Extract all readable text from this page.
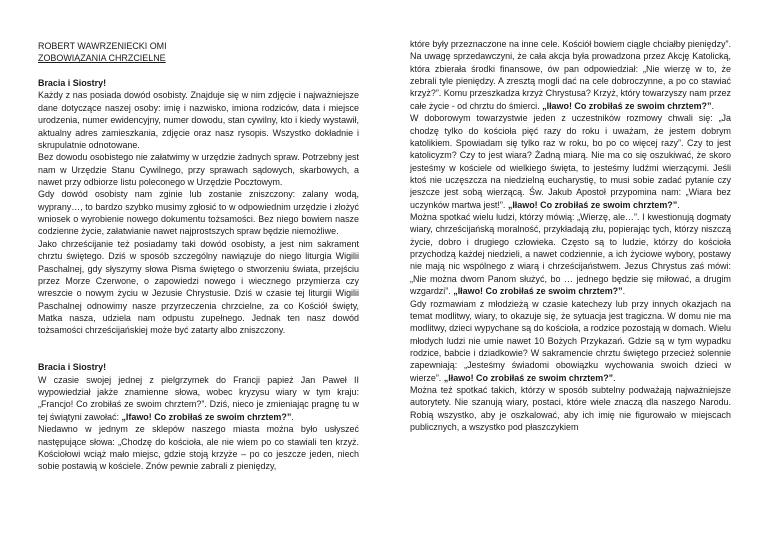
ROBERT WAWRZENIECKI OMI

ZOBOWIĄZANIA CHRZCIELNE

Bracia i Siostry!

Każdy z nas posiada dowód osobisty. Znajduje się w nim zdjęcie i najważniejsze dane dotyczące naszej osoby: imię i nazwisko, imiona rodziców, data i miejsce urodzenia, numer ewidencyjny, numer dowodu, stan cywilny, kto i kiedy wystawił, aktualny adres zamieszkania, zdjęcie oraz nasz rysopis. Wszystko dokładnie i skrupulatnie odnotowane.

Bez dowodu osobistego nie załatwimy w urzędzie żadnych spraw. Potrzebny jest nam w Urzędzie Stanu Cywilnego, przy sprawach sądowych, skarbowych, a nawet przy odbiorze listu poleconego w Urzędzie Pocztowym.

Gdy dowód osobisty nam zginie lub zostanie zniszczony: zalany wodą, wyprany…, to bardzo szybko musimy zgłosić to w odpowiednim urzędzie i złożyć wniosek o wyrobienie nowego dokumentu tożsamości. Bez niego bowiem nasze codzienne życie, załatwianie nawet najprostszych spraw będzie niemożliwe.

Jako chrześcijanie też posiadamy taki dowód osobisty, a jest nim sakrament chrztu świętego. Dziś w sposób szczególny nawiązuje do niego liturgia Wigilii Paschalnej, gdy słyszymy słowa Pisma świętego o stworzeniu świata, przejściu przez Morze Czerwone, o zapowiedzi nowego i wiecznego przymierza czy wreszcie o nowym życiu w Jezusie Chrystusie. Dziś w czasie tej liturgii Wigilii Paschalnej odnowimy nasze przyrzeczenia chrzcielne, za co Kościół święty, Matka nasza, udziela nam odpustu zupełnego. Jednak ten nasz dowód tożsamości chrześcijańskiej może być zatarty albo zniszczony.

Bracia i Siostry!

W czasie swojej jednej z pielgrzymek do Francji papież Jan Paweł II wypowiedział jakże znamienne słowa, wobec kryzysu wiary w tym kraju: „Francjo! Co zrobiłaś ze swoim chrztem?”. Dziś, nieco je zmieniając pragnę tu w tej świątyni zawołać: „Ifawo! Co zrobiłaś ze swoim chrztem?”.

Niedawno w jednym ze sklepów naszego miasta można było usłyszeć następujące słowa: „Chodzę do kościoła, ale nie wiem po co stawiali ten krzyż. Kościołowi wciąż mało miejsc, gdzie stoją krzyże – po co jeszcze jeden, niech sobie postawią w kościele. Znów pewnie zabrali z pieniędzy,

które były przeznaczone na inne cele. Kościół bowiem ciągle chciałby pieniędzy”. Na uwagę sprzedawczyni, że cała akcja była prowadzona przez Akcję Katolicką, która zbierała środki finansowe, ów pan odpowiedział: „Nie wierzę w to, że zebrali tyle pieniędzy. A zresztą mogli dać na cele dobroczynne, a po co stawiać krzyż?”. Komu przeszkadza krzyż Chrystusa? Krzyż, który towarzyszy nam przez całe życie - od chrztu do śmierci. „Iławo! Co zrobiłaś ze swoim chrztem?”.

W doborowym towarzystwie jeden z uczestników rozmowy chwali się: „Ja chodzę tylko do kościoła pięć razy do roku i uważam, że jestem dobrym katolikiem. Spowiadam się tylko raz w roku, bo po co więcej razy”. Czy to jest katolicyzm? Czy to jest wiara? Żadną miarą. Nie ma co się oszukiwać, że skoro jesteśmy w kościele od wielkiego święta, to jesteśmy ludźmi wierzącymi. Jeśli ktoś nie uczęszcza na niedzielną eucharystię, to musi sobie zadać pytanie czy jeszcze jest sobą wierzącą. Św. Jakub Apostoł przypomina nam: „Wiara bez uczynków martwa jest!”. „Iławo! Co zrobiłaś ze swoim chrztem?”.

Można spotkać wielu ludzi, którzy mówią: „Wierzę, ale…”. I kwestionują dogmaty wiary, chrześcijańską moralność, przykładają złu, popierając tych, którzy niszczą życie, dobro i drugiego człowieka. Często są to ludzie, którzy do kościoła przychodzą każdej niedzieli, a nawet codziennie, a ich życiowe wybory, postawy nie mają nic wspólnego z wiarą i chrześcijaństwem. Jezus Chrystus zaś mówi: „Nie można dwom Panom służyć, bo … jednego będzie się miłować, a drugim wzgardzi”. „Iławo! Co zrobiłaś ze swoim chrztem?”.

Gdy rozmawiam z młodzieżą w czasie katechezy lub przy innych okazjach na temat modlitwy, wiary, to okazuje się, że sytuacja jest tragiczna. W domu nie ma modlitwy, dzieci wypychane są do kościoła, a rodzice pozostają w domach. Wielu młodych ludzi nie umie nawet 10 Bożych Przykazań. Gdzie są w tym wypadku rodzice, babcie i dziadkowie? W sakramencie chrztu świętego przecież solennie zapewniają: „Jesteśmy świadomi obowiązku wychowania swoich dzieci w wierze”. „Iławo! Co zrobiłaś ze swoim chrztem?”.

Można też spotkać takich, którzy w sposób subtelny podważają najważniejsze autorytety. Nie szanują wiary, postaci, które wiele znaczą dla naszego Narodu. Robią wszystko, aby je oszkalować, aby ich imię nie figurowało w miejscach publicznych, a wszystko pod płaszczykiem
